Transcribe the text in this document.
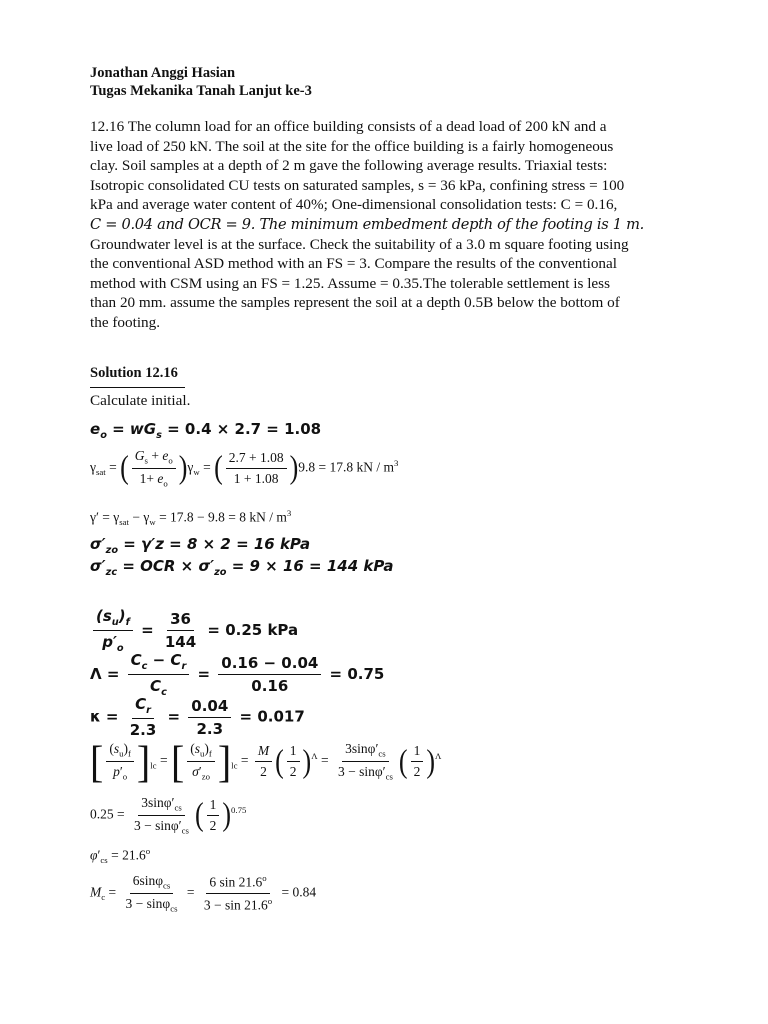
Jonathan Anggi Hasian
Tugas Mekanika Tanah Lanjut ke-3
12.16 The column load for an office building consists of a dead load of 200 kN and a
live load of 250 kN. The soil at the site for the office building is a fairly homogeneous
clay. Soil samples at a depth of 2 m gave the following average results. Triaxial tests:
Isotropic consolidated CU tests on saturated samples, s = 36 kPa, confining stress = 100
kPa and average water content of 40%; One-dimensional consolidation tests: C = 0.16,
C = 0.04 and OCR = 9. The minimum embedment depth of the footing is 1 m.
Groundwater level is at the surface. Check the suitability of a 3.0 m square footing using
the conventional ASD method with an FS = 3. Compare the results of the conventional
method with CSM using an FS = 1.25. Assume = 0.35.The tolerable settlement is less
than 20 mm. assume the samples represent the soil at a depth 0.5B below the bottom of
the footing.
Solution 12.16
Calculate initial.
$e_o = wG_s = 0.4 \times 2.7 = 1.08$
$\gamma_{sat}$ = ( $\frac{G_s + e_o}{1+ e_o} )\gamma_w$ = ( $\frac{2.7 + 1.08}{1 + 1.08} )9.8 = 17.8$ kN / $m^3$
$\gamma' = \gamma_{sat} - \gamma_w = 17.8 - 9.8 = 8$ kN / $m^3$
$\sigma'_{zo} = \gamma'z = 8 \times 2 = 16$ kPa
$\sigma'_{zc}$ = OCR × $\sigma'_{zo} = 9 \times 16 = 144$ kPa
$\frac{(s_u)_f}{p'_o} = \frac{36}{144} = 0.25$ kPa
$\Lambda = \frac{C_c - C_r}{C_c} = \frac{0.16 - 0.04}{0.16} = 0.75$
$\kappa = \frac{C_r}{2.3} = \frac{0.04}{2.3} = 0.017$
[ $\frac{(s_u)_f}{p'_o} ]_{lc}$ = [ $\frac{(s_u)_f}{\sigma'_{zo}} ]_{lc} = \frac{M}{2}$ ( $\frac{1}{2} )^\Lambda = \frac{3\sin\varphi'_{cs}}{3 - \sin\varphi'_{cs}}$ ( $\frac{1}{2} )^\Lambda$
$0.25 = \frac{3\sin\varphi'_{cs}}{3 - \sin\varphi'_{cs}}$ ( $\frac{1}{2} )^{0.75}$
$\varphi'_{cs} = 21.6^o$
$M_c = \frac{6\sin\varphi_{cs}}{3 - \sin\varphi_{cs}} = \frac{6 \sin 21.6^o}{3 - \sin 21.6^o} = 0.84$
